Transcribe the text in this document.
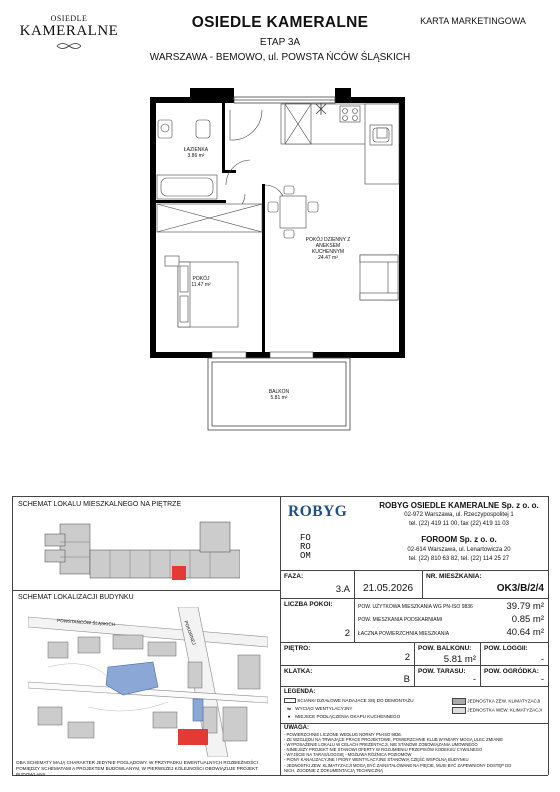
OSIEDLE
KAMERALNE	OSIEDLE KAMERALNE
ETAP 3A
WARSZAWA - BEMOWO, ul. POWSTA ŃCÓW ŚLĄSKICH
KARTA MARKETINGOWA
ŁAZIENKA
3.86 m²
POKÓJ DZIENNY Z ANEKSEM KUCHENNYM
24.47 m²
POKÓJ
11.47 m²
BALKON
5.81 m²
SCHEMAT LOKALU MIESZKALNEGO NA PIĘTRZE
SCHEMAT LOKALIZACJI BUDYNKU
POWSTAŃCÓW ŚLĄSKICH	POKORNEJ
OBA SCHEMATY MAJĄ CHARAKTER JEDYNIE POGLĄDOWY. W PRZYPADKU EWENTUALNYCH ROZBIEŻNOŚCI POMIĘDZY SCHEMATAMI A PROJEKTEM BUDOWLANYM, W PIERWSZEJ KOLEJNOŚCI OBOWIĄZUJE PROJEKT BUDOWLANY
ROBYG	ROBYG OSIEDLE KAMERALNE Sp. z o. o.
02-972 Warszawa, ul. Rzeczypospolitej 1
tel. (22) 419 11 00, fax (22) 419 11 03
FO
RO
OM
FOROOM Sp. z o. o.
02-614 Warszawa, ul. Lenartowicza 20
tel. (22) 810 63 82, tel. (22) 114 25 27
FAZA:
3.A	21.05.2026
NR. MIESZKANIA:
OK3/B/2/4
LICZBA POKOI:
2
POW. UŻYTKOWA MIESZKANIA WG PN-ISO 9836	39.79 m²
POW. MIESZKANIA PODSKARNIAMI	0.85 m²
ŁACZNA POWIERZCHNIA MIESZKANIA	40.64 m²
PIĘTRO:
2
POW. BALKONU:
5.81 m²
POW. LOGGII:
-
KLATKA:
B
POW. TARASU:
-
POW. OGRÓDKA:
-
LEGENDA:
SCIANKI DZIAŁOWE NADAJACE SIĘ DO DEMONTAŻU
⇆ WYCIĄG WENTYLACYJNY
● MIEJSCE PODŁĄCZENIA OKAPU KUCHENNEGO
JEDNOSTKA ZEW. KLIMATYZACJI
JEDNOSTKA WEW. KLIMATYZACJI
UWAGA:
- POWIERZCHNIE LICZONE WEDŁUG NORMY PN-ISO 9836.
- ZE WZGLĘDU NA TRWAJĄCE PRACE PROJEKTOWE, POWIERZCHNIE KLUB WYMIARY MOGĄ ULEC ZMIANIE
- WYPOSAŻENIE LOKALU W CELACH PREZENTACJI, NIE STANOWI ZOBOWIĄZANIA UMOWNEGO
- NINIEJSZY PROJEKT NIE STANOWI OFERTY W ROZUMIENIU PRZEPISÓW KODEKSU CYWILNEGO
- WYJŚCIE NA TARAS/LOGGIĘ - MOŻLIWA RÓŻNICA POZIOMÓW
- PIONY KANALIZACYJNE I PIONY WENTYLACYJNE STANOWIĄ CZĘŚĆ WSPÓLNĄ BUDYNKU
- JEDNOSTKI ZEW. KLIMATYZACJI MOGĄ BYĆ ZAINSTALOWANE NA PIĘCIE, MUSI BYĆ ZAPEWNIONY DOSTĘP DO
NICH, ZGODNIE Z DOKUMENTACJĄ TECHNICZNĄ
